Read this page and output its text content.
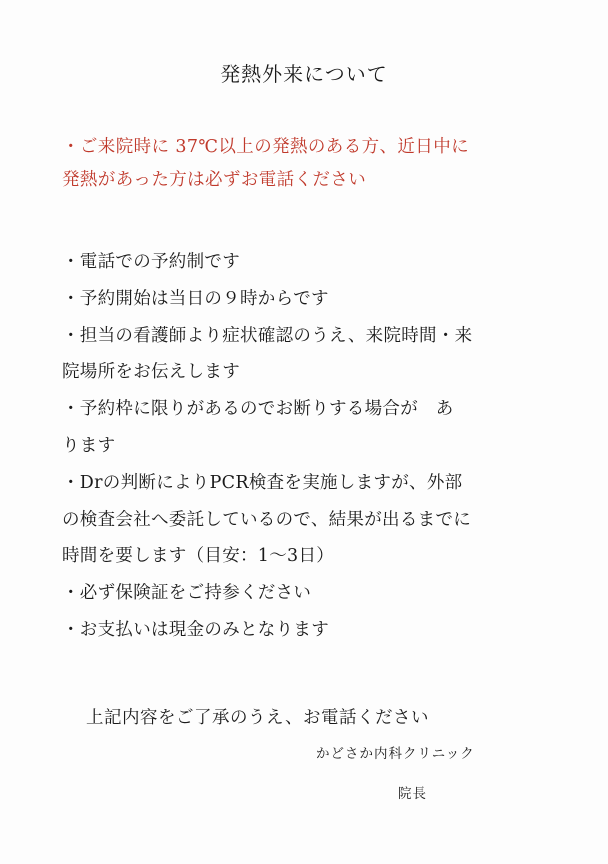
発熱外来について
・ご来院時に 37℃以上の発熱のある方、近日中に
発熱があった方は必ずお電話ください
・電話での予約制です
・予約開始は当日の９時からです
・担当の看護師より症状確認のうえ、来院時間・来
院場所をお伝えします
・予約枠に限りがあるのでお断りする場合が　あ
ります
・Drの判断によりPCR検査を実施しますが、外部
の検査会社へ委託しているので、結果が出るまでに
時間を要します（目安：1〜3日）
・必ず保険証をご持参ください
・お支払いは現金のみとなります
上記内容をご了承のうえ、お電話ください
かどさか内科クリニック
院長
